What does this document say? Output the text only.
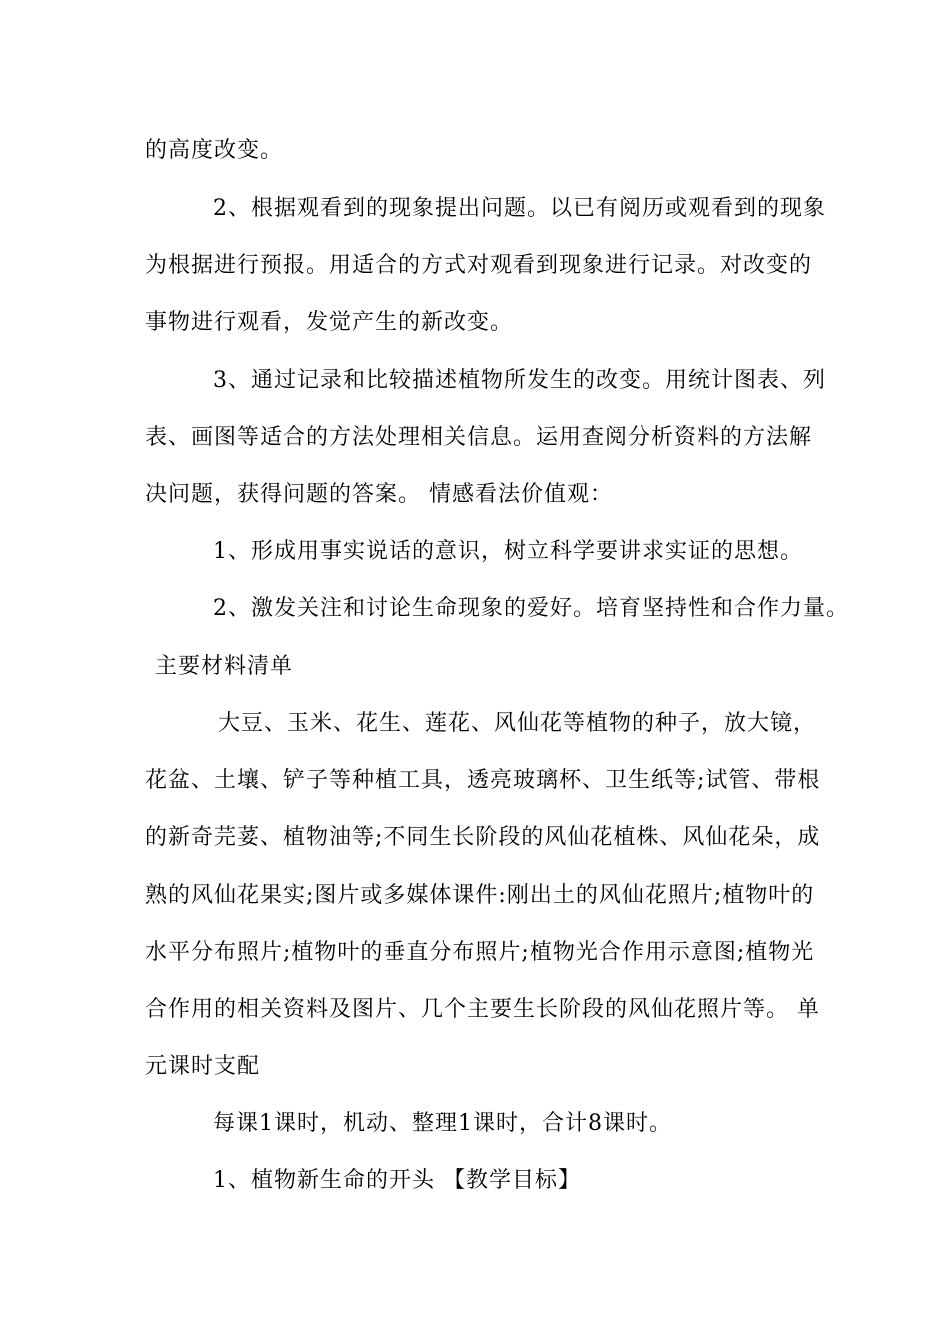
的高度改变。

2、根据观看到的现象提出问题。以已有阅历或观看到的现象

为根据进行预报。用适合的方式对观看到现象进行记录。对改变的

事物进行观看，发觉产生的新改变。

3、通过记录和比较描述植物所发生的改变。用统计图表、列

表、画图等适合的方法处理相关信息。运用查阅分析资料的方法解

决问题，获得问题的答案。 情感看法价值观：

1、形成用事实说话的意识，树立科学要讲求实证的思想。

2、激发关注和讨论生命现象的爱好。培育坚持性和合作力量。

主要材料清单

大豆、玉米、花生、莲花、风仙花等植物的种子，放大镜，

花盆、土壤、铲子等种植工具，透亮玻璃杯、卫生纸等;试管、带根

的新奇芫荽、植物油等;不同生长阶段的风仙花植株、风仙花朵，成

熟的风仙花果实;图片或多媒体课件:刚出土的风仙花照片;植物叶的

水平分布照片;植物叶的垂直分布照片;植物光合作用示意图;植物光

合作用的相关资料及图片、几个主要生长阶段的风仙花照片等。 单

元课时支配

每课1课时，机动、整理1课时，合计8课时。

1、植物新生命的开头 【教学目标】
